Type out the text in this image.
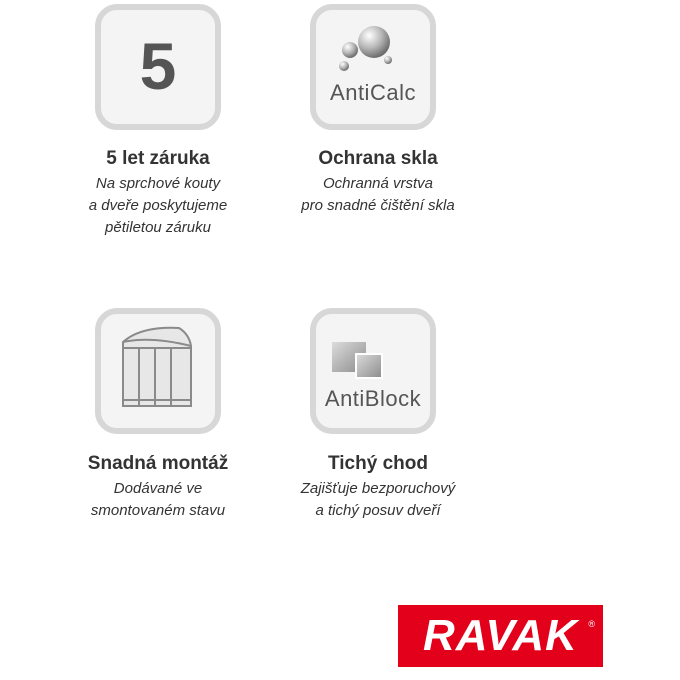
5
5 let záruka
Na sprchové kouty
a dveře poskytujeme
pětiletou záruku
AntiCalc
Ochrana skla
Ochranná vrstva
pro snadné čištění skla
Snadná montáž
Dodávané ve
smontovaném stavu
AntiBlock
Tichý chod
Zajišťuje bezporuchový
a tichý posuv dveří
RAVAK ®
